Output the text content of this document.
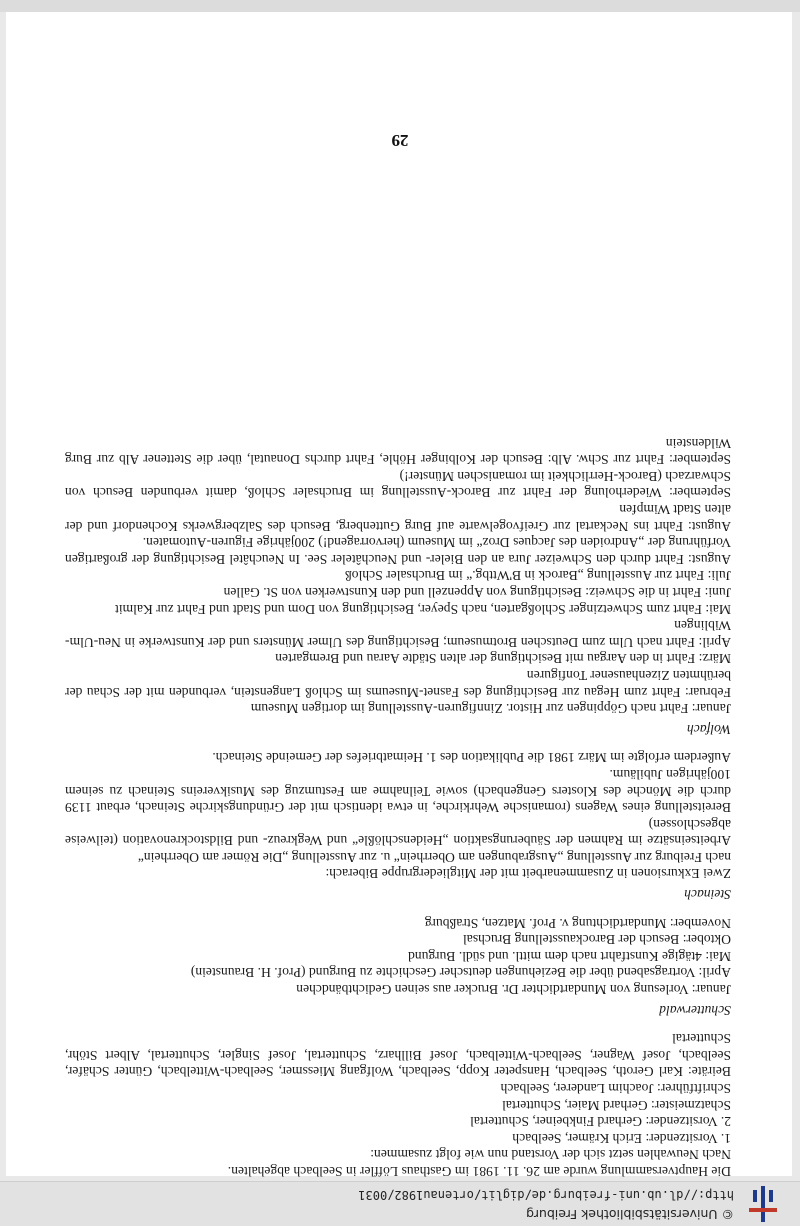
© Universitätsbibliothek Freiburg
http://dl.ub.uni-freiburg.de/diglit/ortenau1982/0031

Die Hauptversammlung wurde am 26. 11. 1981 im Gasthaus Löffler in Seelbach abgehalten.

Nach Neuwahlen setzt sich der Vorstand nun wie folgt zusammen:

1. Vorsitzender: Erich Krämer, Seelbach

2. Vorsitzender: Gerhard Finkbeiner, Schuttertal

Schatzmeister: Gerhard Maier, Schuttertal

Schriftführer: Joachim Landerer, Seelbach

Beiräte: Karl Geroth, Seelbach, Hanspeter Kopp, Seelbach, Wolfgang Miessmer, Seelbach-Wittelbach, Günter Schäfer, Seelbach, Josef Wagner, Seelbach-Wittelbach, Josef Billharz, Schuttertal, Josef Singler, Schuttertal, Albert Stöhr, Schuttertal

Schutterwald

Januar: Vorlesung von Mundartdichter Dr. Brucker aus seinen Gedichtbändchen

April: Vortragsabend über die Beziehungen deutscher Geschichte zu Burgund (Prof. H. Braunstein)

Mai: 4tägige Kunstfahrt nach dem mittl. und südl. Burgund

Oktober: Besuch der Barockausstellung Bruchsal

November: Mundartdichtung v. Prof. Matzen, Straßburg

Steinach

Zwei Exkursionen in Zusammenarbeit mit der Mitgliedergruppe Biberach:

nach Freiburg zur Ausstellung „Ausgrabungen am Oberrhein“ u. zur Ausstellung „Die Römer am Oberrhein“

Arbeitseinsätze im Rahmen der Säuberungsaktion „Heidenschlößle“ und Wegkreuz- und Bildstockrenovation (teilweise abgeschlossen)

Bereitstellung eines Wagens (romanische Wehrkirche, in etwa identisch mit der Gründungskirche Steinach, erbaut 1139 durch die Mönche des Klosters Gengenbach) sowie Teilnahme am Festumzug des Musikvereins Steinach zu seinem 100jährigen Jubiläum.

Außerdem erfolgte im März 1981 die Publikation des 1. Heimatbriefes der Gemeinde Steinach.

Wolfach

Januar: Fahrt nach Göppingen zur Histor. Zinnfiguren-Ausstellung im dortigen Museum

Februar: Fahrt zum Hegau zur Besichtigung des Fasnet-Museums im Schloß Langenstein, verbunden mit der Schau der berühmten Zizenhausener Tonfiguren

März: Fahrt in den Aargau mit Besichtigung der alten Städte Aarau und Bremgarten

April: Fahrt nach Ulm zum Deutschen Brotmuseum; Besichtigung des Ulmer Münsters und der Kunstwerke in Neu-Ulm-Wiblingen

Mai: Fahrt zum Schwetzinger Schloßgarten, nach Speyer, Besichtigung von Dom und Stadt und Fahrt zur Kalmit

Juni: Fahrt in die Schweiz: Besichtigung von Appenzell und den Kunstwerken von St. Gallen

Juli: Fahrt zur Ausstellung „Barock in B'Wttbg.“ im Bruchsaler Schloß

August: Fahrt durch den Schweizer Jura an den Bieler- und Neuchâteler See. In Neuchâtel Besichtigung der großartigen Vorführung der „Androiden des Jacques Droz“ im Museum (hervorragend!) 200jährige Figuren-Automaten.

August: Fahrt ins Neckartal zur Greifvogelwarte auf Burg Guttenberg, Besuch des Salzbergwerks Kochendorf und der alten Stadt Wimpfen

September: Wiederholung der Fahrt zur Barock-Ausstellung im Bruchsaler Schloß, damit verbunden Besuch von Schwarzach (Barock-Herrlichkeit im romanischen Münster!)

September: Fahrt zur Schw. Alb: Besuch der Kolbinger Höhle, Fahrt durchs Donautal, über die Stettener Alb zur Burg Wildenstein

29
